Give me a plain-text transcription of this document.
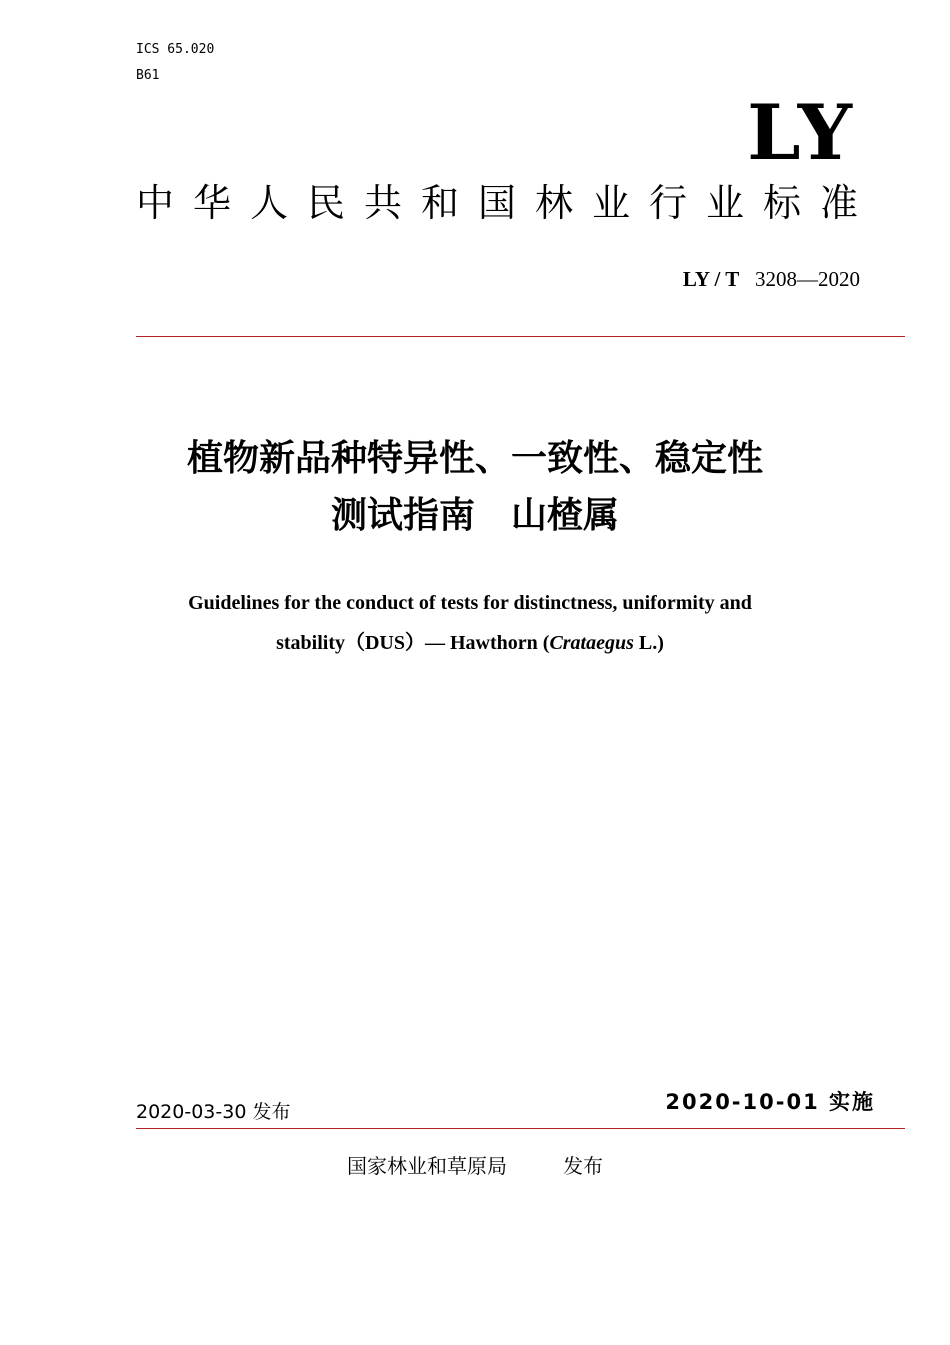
ICS 65.020
B61
LY
中华人民共和国林业行业标准
LY / T 3208—2020
植物新品种特异性、一致性、稳定性
测试指南　山楂属
Guidelines for the conduct of tests for distinctness, uniformity and
stability（DUS）— Hawthorn (Crataegus L.)
2020-03-30 发布	2020-10-01 实施
国家林业和草原局	发布
